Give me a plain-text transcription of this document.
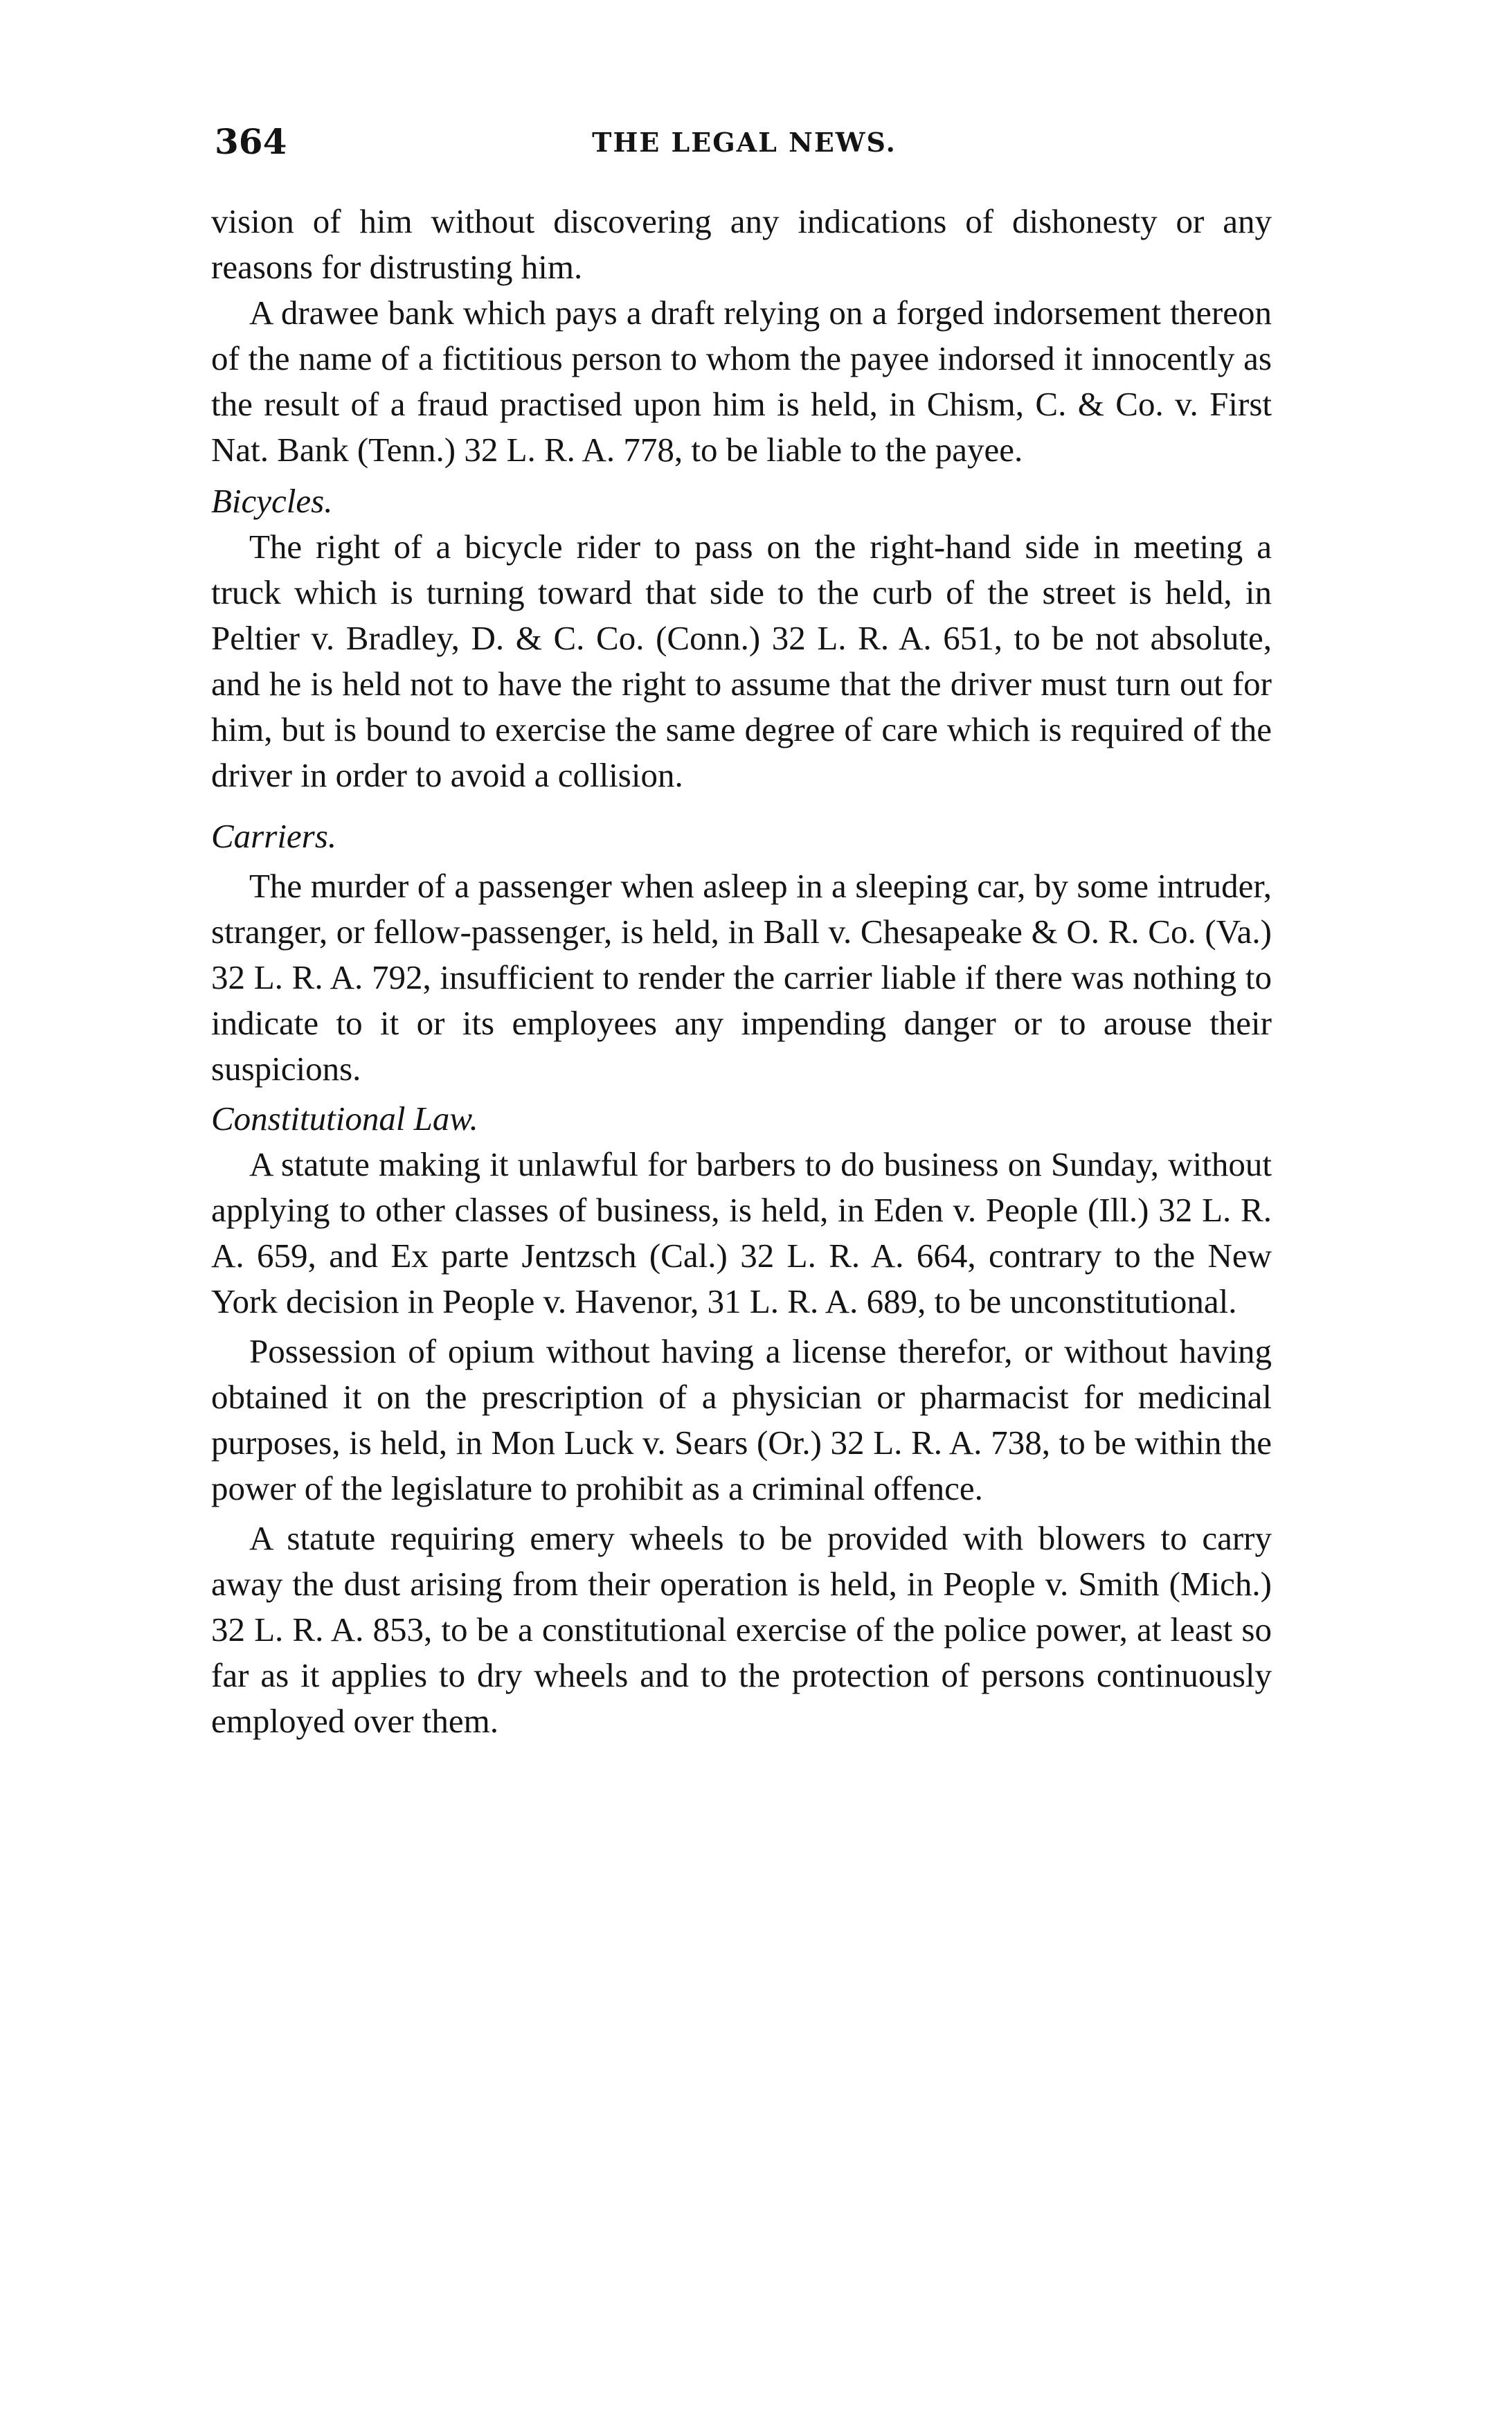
364	THE LEGAL NEWS.

vision of him without discovering any indications of dishonesty or any reasons for distrusting him.

A drawee bank which pays a draft relying on a forged indorsement thereon of the name of a fictitious person to whom the payee indorsed it innocently as the result of a fraud practised upon him is held, in Chism, C. & Co. v. First Nat. Bank (Tenn.) 32 L. R. A. 778, to be liable to the payee.

Bicycles.

The right of a bicycle rider to pass on the right-hand side in meeting a truck which is turning toward that side to the curb of the street is held, in Peltier v. Bradley, D. & C. Co. (Conn.) 32 L. R. A. 651, to be not absolute, and he is held not to have the right to assume that the driver must turn out for him, but is bound to exercise the same degree of care which is required of the driver in order to avoid a collision.

Carriers.

The murder of a passenger when asleep in a sleeping car, by some intruder, stranger, or fellow-passenger, is held, in Ball v. Chesapeake & O. R. Co. (Va.) 32 L. R. A. 792, insufficient to render the carrier liable if there was nothing to indicate to it or its employees any impending danger or to arouse their suspicions.

Constitutional Law.

A statute making it unlawful for barbers to do business on Sunday, without applying to other classes of business, is held, in Eden v. People (Ill.) 32 L. R. A. 659, and Ex parte Jentzsch (Cal.) 32 L. R. A. 664, contrary to the New York decision in People v. Havenor, 31 L. R. A. 689, to be unconstitutional.

Possession of opium without having a license therefor, or without having obtained it on the prescription of a physician or pharmacist for medicinal purposes, is held, in Mon Luck v. Sears (Or.) 32 L. R. A. 738, to be within the power of the legislature to prohibit as a criminal offence.

A statute requiring emery wheels to be provided with blowers to carry away the dust arising from their operation is held, in People v. Smith (Mich.) 32 L. R. A. 853, to be a constitutional exercise of the police power, at least so far as it applies to dry wheels and to the protection of persons continuously employed over them.
